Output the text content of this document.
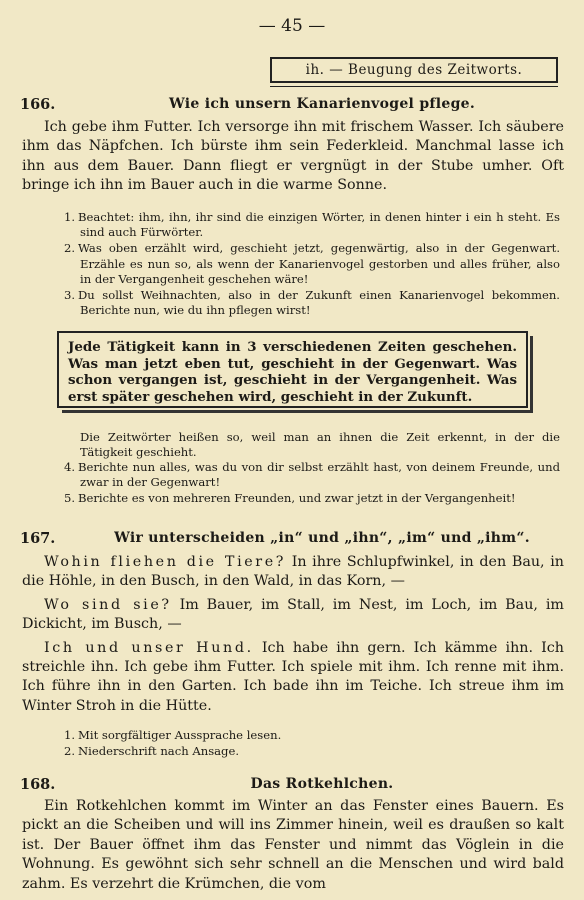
— 45 —
ih. — Beugung des Zeitworts.
166.	Wie ich unsern Kanarienvogel pflege.

Ich gebe ihm Futter. Ich versorge ihn mit frischem Wasser. Ich säubere ihm das Näpfchen. Ich bürste ihm sein Federkleid. Manchmal lasse ich ihn aus dem Bauer. Dann fliegt er vergnügt in der Stube umher. Oft bringe ich ihn im Bauer auch in die warme Sonne.

1. Beachtet: ihm, ihn, ihr sind die einzigen Wörter, in denen hinter i ein h steht. Es sind auch Fürwörter.
2. Was oben erzählt wird, geschieht jetzt, gegenwärtig, also in der Gegenwart. Erzähle es nun so, als wenn der Kanarienvogel gestorben und alles früher, also in der Vergangenheit geschehen wäre!
3. Du sollst Weihnachten, also in der Zukunft einen Kanarienvogel bekommen. Berichte nun, wie du ihn pflegen wirst!
Jede Tätigkeit kann in 3 verschiedenen Zeiten geschehen. Was man jetzt eben tut, geschieht in der Gegenwart. Was schon vergangen ist, geschieht in der Vergangenheit. Was erst später geschehen wird, geschieht in der Zukunft.
Die Zeitwörter heißen so, weil man an ihnen die Zeit erkennt, in der die Tätigkeit geschieht.
4. Berichte nun alles, was du von dir selbst erzählt hast, von deinem Freunde, und zwar in der Gegenwart!
5. Berichte es von mehreren Freunden, und zwar jetzt in der Vergangenheit!
167.	Wir unterscheiden „in“ und „ihn“, „im“ und „ihm“.

Wohin fliehen die Tiere? In ihre Schlupfwinkel, in den Bau, in die Höhle, in den Busch, in den Wald, in das Korn, —

Wo sind sie? Im Bauer, im Stall, im Nest, im Loch, im Bau, im Dickicht, im Busch, —

Ich und unser Hund. Ich habe ihn gern. Ich kämme ihn. Ich streichle ihn. Ich gebe ihm Futter. Ich spiele mit ihm. Ich renne mit ihm. Ich führe ihn in den Garten. Ich bade ihn im Teiche. Ich streue ihm im Winter Stroh in die Hütte.

1. Mit sorgfältiger Aussprache lesen.
2. Niederschrift nach Ansage.
168.	Das Rotkehlchen.

Ein Rotkehlchen kommt im Winter an das Fenster eines Bauern. Es pickt an die Scheiben und will ins Zimmer hinein, weil es draußen so kalt ist. Der Bauer öffnet ihm das Fenster und nimmt das Vöglein in die Wohnung. Es gewöhnt sich sehr schnell an die Menschen und wird bald zahm. Es verzehrt die Krümchen, die vom
